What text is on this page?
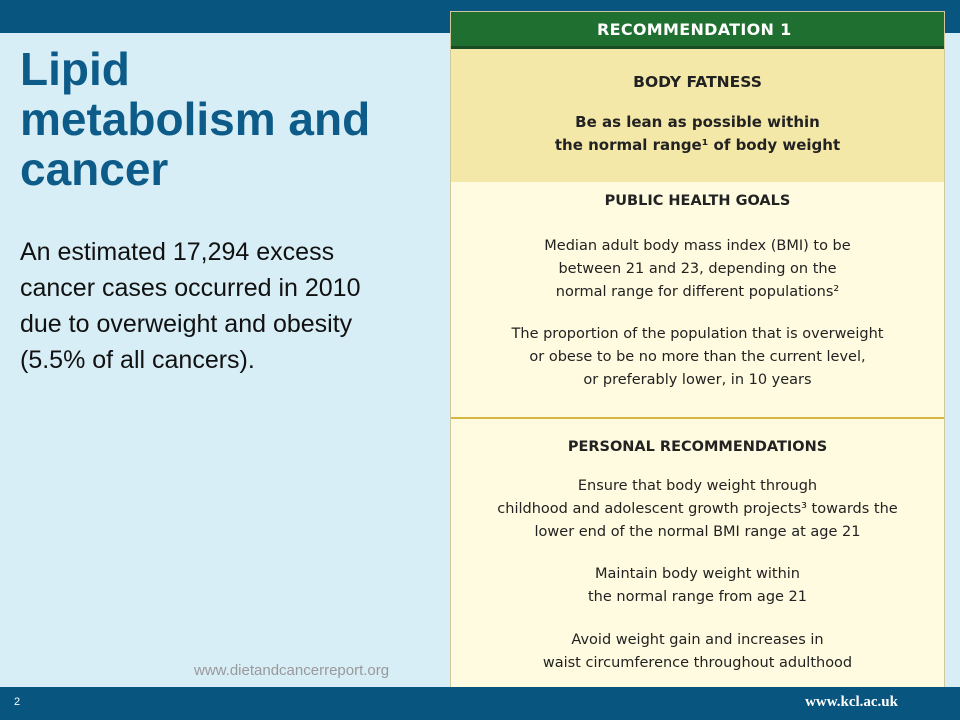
Lipid metabolism and cancer

An estimated 17,294 excess cancer cases occurred in 2010 due to overweight and obesity (5.5% of all cancers).

www.dietandcancerreport.org
RECOMMENDATION 1

BODY FATNESS

Be as lean as possible within

the normal range¹ of body weight

PUBLIC HEALTH GOALS

Median adult body mass index (BMI) to be

between 21 and 23, depending on the

normal range for different populations²

The proportion of the population that is overweight

or obese to be no more than the current level,

or preferably lower, in 10 years

PERSONAL RECOMMENDATIONS

Ensure that body weight through

childhood and adolescent growth projects³ towards the

lower end of the normal BMI range at age 21

Maintain body weight within

the normal range from age 21

Avoid weight gain and increases in

waist circumference throughout adulthood

2	www.kcl.ac.uk
